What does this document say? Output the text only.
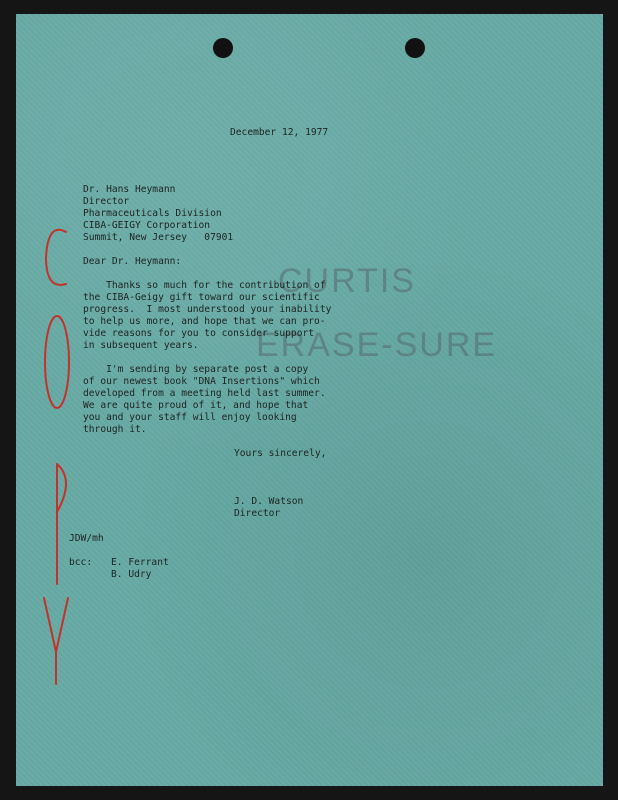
CURTIS
ERASE-SURE
December 12, 1977
Dr. Hans Heymann
Director
Pharmaceuticals Division
CIBA-GEIGY Corporation
Summit, New Jersey   07901
Dear Dr. Heymann:
Thanks so much for the contribution of
the CIBA-Geigy gift toward our scientific
progress.  I most understood your inability
to help us more, and hope that we can pro-
vide reasons for you to consider support
in subsequent years.
I'm sending by separate post a copy
of our newest book "DNA Insertions" which
developed from a meeting held last summer.
We are quite proud of it, and hope that
you and your staff will enjoy looking
through it.
Yours sincerely,
J. D. Watson
Director
JDW/mh
bcc: E. Ferrant
B. Udry
